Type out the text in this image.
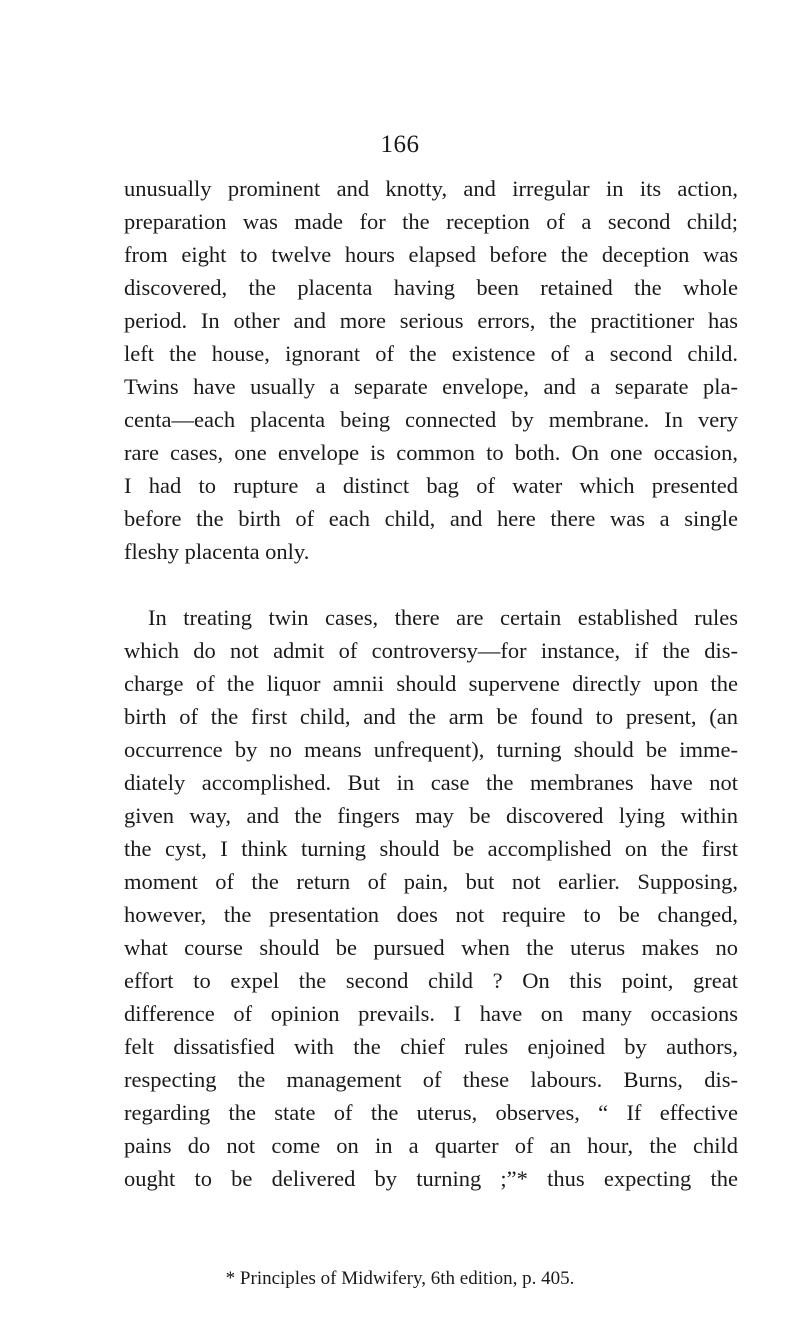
166
unusually prominent and knotty, and irregular in its action,
preparation was made for the reception of a second child;
from eight to twelve hours elapsed before the deception was
discovered, the placenta having been retained the whole
period. In other and more serious errors, the practitioner has
left the house, ignorant of the existence of a second child.
Twins have usually a separate envelope, and a separate pla-
centa—each placenta being connected by membrane. In very
rare cases, one envelope is common to both. On one occasion,
I had to rupture a distinct bag of water which presented
before the birth of each child, and here there was a single
fleshy placenta only.
In treating twin cases, there are certain established rules
which do not admit of controversy—for instance, if the dis-
charge of the liquor amnii should supervene directly upon the
birth of the first child, and the arm be found to present, (an
occurrence by no means unfrequent), turning should be imme-
diately accomplished. But in case the membranes have not
given way, and the fingers may be discovered lying within
the cyst, I think turning should be accomplished on the first
moment of the return of pain, but not earlier. Supposing,
however, the presentation does not require to be changed,
what course should be pursued when the uterus makes no
effort to expel the second child ? On this point, great
difference of opinion prevails. I have on many occasions
felt dissatisfied with the chief rules enjoined by authors,
respecting the management of these labours. Burns, dis-
regarding the state of the uterus, observes, “ If effective
pains do not come on in a quarter of an hour, the child
ought to be delivered by turning ;”* thus expecting the
* Principles of Midwifery, 6th edition, p. 405.
